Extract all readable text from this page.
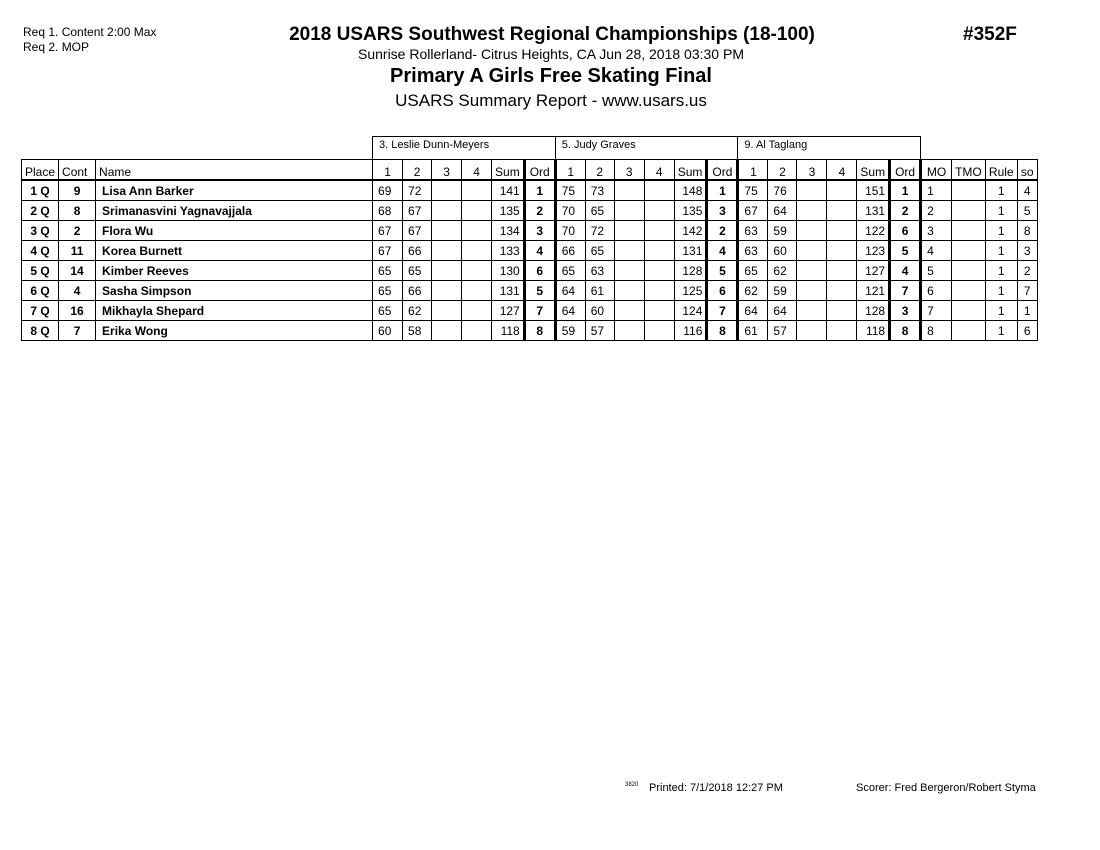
Req 1. Content 2:00 Max
Req 2. MOP
2018 USARS Southwest Regional Championships (18-100)	#352F
Sunrise Rollerland- Citrus Heights, CA Jun 28, 2018 03:30 PM
Primary A Girls Free Skating Final
USARS Summary Report - www.usars.us
			3. Leslie Dunn-Meyers						5. Judy Graves						9. Al Taglang									
Place	Cont	Name	1	2	3	4	Sum	Ord	1	2	3	4	Sum	Ord	1	2	3	4	Sum	Ord	MO	TMO	Rule	so
1 Q	9	Lisa Ann Barker	69	72			141	1	75	73			148	1	75	76			151	1	1		1	4
2 Q	8	Srimanasvini Yagnavajjala	68	67			135	2	70	65			135	3	67	64			131	2	2		1	5
3 Q	2	Flora Wu	67	67			134	3	70	72			142	2	63	59			122	6	3		1	8
4 Q	11	Korea Burnett	67	66			133	4	66	65			131	4	63	60			123	5	4		1	3
5 Q	14	Kimber Reeves	65	65			130	6	65	63			128	5	65	62			127	4	5		1	2
6 Q	4	Sasha Simpson	65	66			131	5	64	61			125	6	62	59			121	7	6		1	7
7 Q	16	Mikhayla Shepard	65	62			127	7	64	60			124	7	64	64			128	3	7		1	1
8 Q	7	Erika Wong	60	58			118	8	59	57			116	8	61	57			118	8	8		1	6
3820 Printed: 7/1/2018 12:27 PM	Scorer: Fred Bergeron/Robert Styma
